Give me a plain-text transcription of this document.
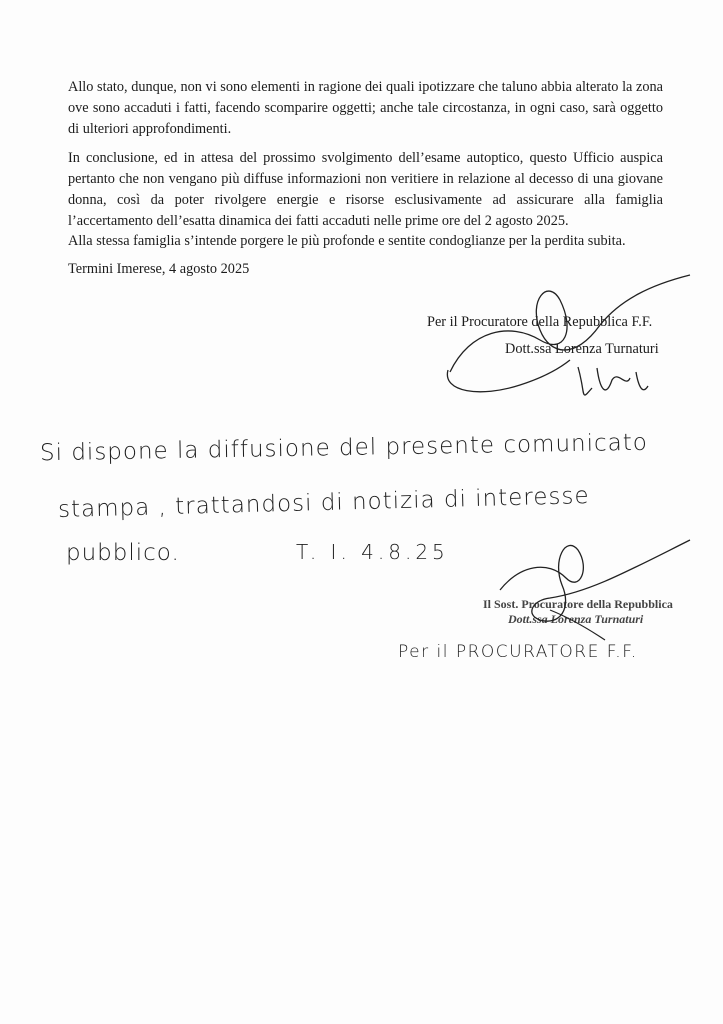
Allo stato, dunque, non vi sono elementi in ragione dei quali ipotizzare che taluno abbia alterato la zona ove sono accaduti i fatti, facendo scomparire oggetti; anche tale circostanza, in ogni caso, sarà oggetto di ulteriori approfondimenti.

In conclusione, ed in attesa del prossimo svolgimento dell’esame autoptico, questo Ufficio auspica pertanto che non vengano più diffuse informazioni non veritiere in relazione al decesso di una giovane donna, così da poter rivolgere energie e risorse esclusivamente ad assicurare alla famiglia l’accertamento dell’esatta dinamica dei fatti accaduti nelle prime ore del 2 agosto 2025.

Alla stessa famiglia s’intende porgere le più profonde e sentite condoglianze per la perdita subita.

Termini Imerese, 4 agosto 2025
Per il Procuratore della Repubblica F.F.
Dott.ssa Lorenza Turnaturi
Si dispone la diffusione del presente comunicato
stampa , trattandosi di notizia di interesse
pubblico.	T. I. 4.8.25
Il Sost. Procuratore della Repubblica
Dott.ssa Lorenza Turnaturi
Per il PROCURATORE F.F.
